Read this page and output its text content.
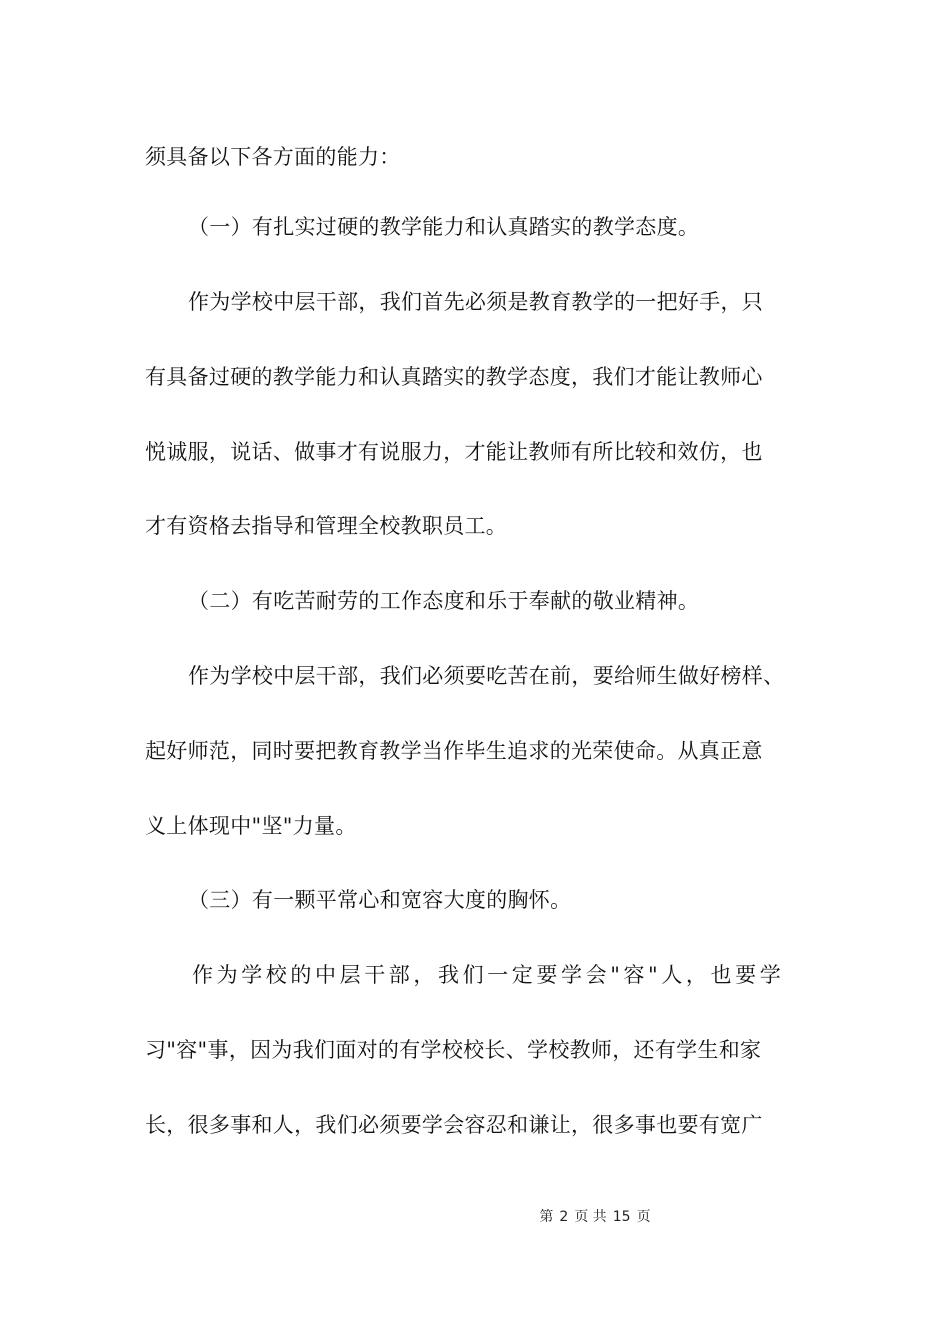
须具备以下各方面的能力：
（一）有扎实过硬的教学能力和认真踏实的教学态度。
作为学校中层干部，我们首先必须是教育教学的一把好手，只
有具备过硬的教学能力和认真踏实的教学态度，我们才能让教师心
悦诚服，说话、做事才有说服力，才能让教师有所比较和效仿，也
才有资格去指导和管理全校教职员工。
（二）有吃苦耐劳的工作态度和乐于奉献的敬业精神。
作为学校中层干部，我们必须要吃苦在前，要给师生做好榜样、
起好师范，同时要把教育教学当作毕生追求的光荣使命。从真正意
义上体现中"坚"力量。
（三）有一颗平常心和宽容大度的胸怀。
作为学校的中层干部，我们一定要学会"容"人，也要学
习"容"事，因为我们面对的有学校校长、学校教师，还有学生和家
长，很多事和人，我们必须要学会容忍和谦让，很多事也要有宽广
第 2 页 共 15 页
